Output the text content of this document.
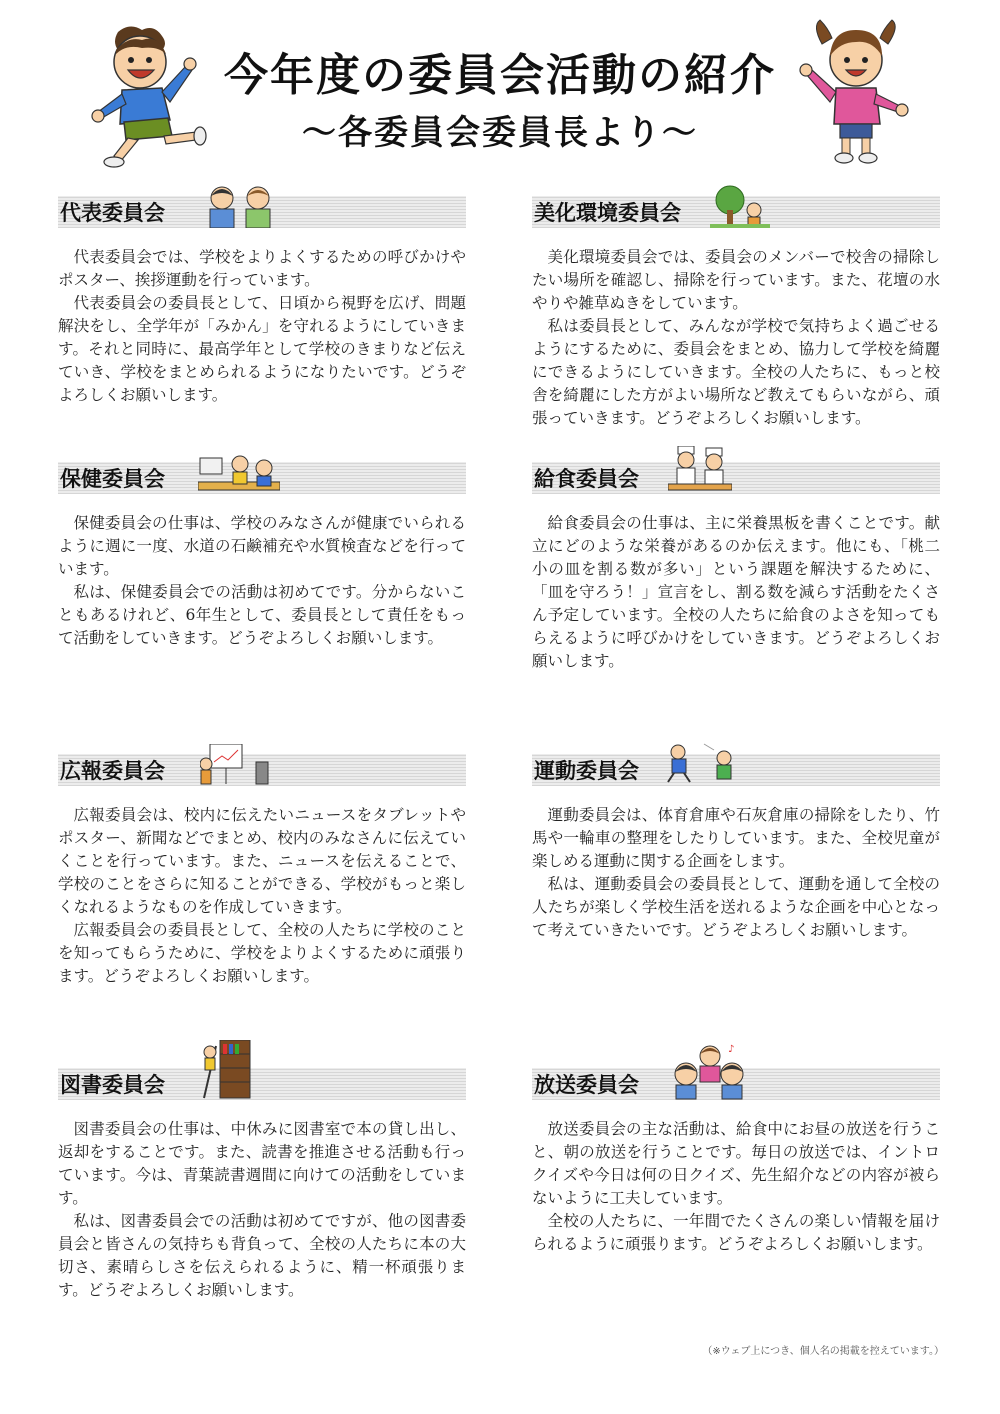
今年度の委員会活動の紹介
～各委員会委員長より～
代表委員会

代表委員会では、学校をよりよくするための呼びかけやポスター、挨拶運動を行っています。

代表委員会の委員長として、日頃から視野を広げ、問題解決をし、全学年が「みかん」を守れるようにしていきます。それと同時に、最高学年として学校のきまりなど伝えていき、学校をまとめられるようになりたいです。どうぞよろしくお願いします。

美化環境委員会

美化環境委員会では、委員会のメンバーで校舎の掃除したい場所を確認し、掃除を行っています。また、花壇の水やりや雑草ぬきをしています。

私は委員長として、みんなが学校で気持ちよく過ごせるようにするために、委員会をまとめ、協力して学校を綺麗にできるようにしていきます。全校の人たちに、もっと校舎を綺麗にした方がよい場所など教えてもらいながら、頑張っていきます。どうぞよろしくお願いします。

保健委員会

保健委員会の仕事は、学校のみなさんが健康でいられるように週に一度、水道の石鹸補充や水質検査などを行っています。

私は、保健委員会での活動は初めてです。分からないこともあるけれど、6年生として、委員長として責任をもって活動をしていきます。どうぞよろしくお願いします。

給食委員会

給食委員会の仕事は、主に栄養黒板を書くことです。献立にどのような栄養があるのか伝えます。他にも、「桃二小の皿を割る数が多い」という課題を解決するために、「皿を守ろう！」宣言をし、割る数を減らす活動をたくさん予定しています。全校の人たちに給食のよさを知ってもらえるように呼びかけをしていきます。どうぞよろしくお願いします。

広報委員会

広報委員会は、校内に伝えたいニュースをタブレットやポスター、新聞などでまとめ、校内のみなさんに伝えていくことを行っています。また、ニュースを伝えることで、学校のことをさらに知ることができる、学校がもっと楽しくなれるようなものを作成していきます。

広報委員会の委員長として、全校の人たちに学校のことを知ってもらうために、学校をよりよくするために頑張ります。どうぞよろしくお願いします。

運動委員会

運動委員会は、体育倉庫や石灰倉庫の掃除をしたり、竹馬や一輪車の整理をしたりしています。また、全校児童が楽しめる運動に関する企画をします。

私は、運動委員会の委員長として、運動を通して全校の人たちが楽しく学校生活を送れるような企画を中心となって考えていきたいです。どうぞよろしくお願いします。

図書委員会

図書委員会の仕事は、中休みに図書室で本の貸し出し、返却をすることです。また、読書を推進させる活動も行っています。今は、青葉読書週間に向けての活動をしています。

私は、図書委員会での活動は初めてですが、他の図書委員会と皆さんの気持ちも背負って、全校の人たちに本の大切さ、素晴らしさを伝えられるように、精一杯頑張ります。どうぞよろしくお願いします。

放送委員会
♪

放送委員会の主な活動は、給食中にお昼の放送を行うこと、朝の放送を行うことです。毎日の放送では、イントロクイズや今日は何の日クイズ、先生紹介などの内容が被らないように工夫しています。

全校の人たちに、一年間でたくさんの楽しい情報を届けられるように頑張ります。どうぞよろしくお願いします。

（※ウェブ上につき、個人名の掲載を控えています。）
